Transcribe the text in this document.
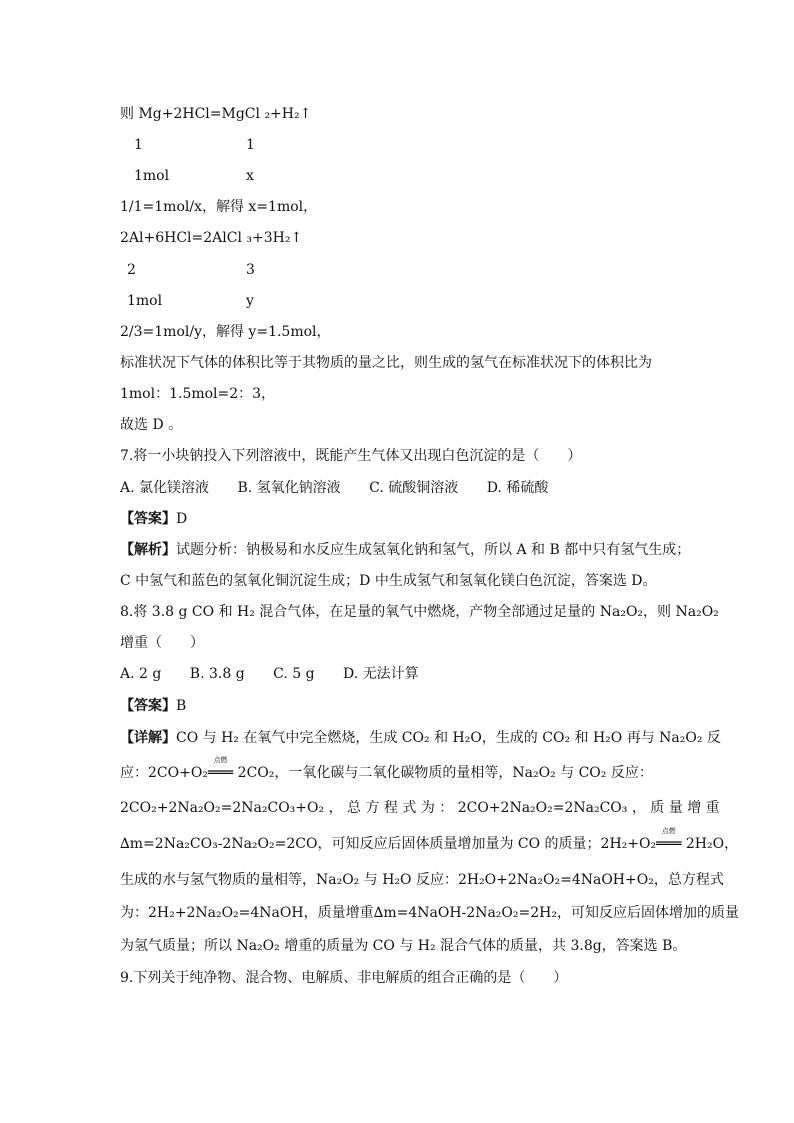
则 Mg+2HCl=MgCl ₂+H₂↑
1	1
1mol	x
1/1=1mol/x，解得 x=1mol，
2Al+6HCl=2AlCl ₃+3H₂↑
2	3
1mol	y
2/3=1mol/y，解得 y=1.5mol，
标准状况下气体的体积比等于其物质的量之比，则生成的氢气在标准状况下的体积比为
1mol：1.5mol=2：3，
故选 D 。
7.将一小块钠投入下列溶液中，既能产生气体又出现白色沉淀的是（　　）
A. 氯化镁溶液 B. 氢氧化钠溶液 C. 硫酸铜溶液 D. 稀硫酸
【答案】D
【解析】试题分析：钠极易和水反应生成氢氧化钠和氢气，所以 A 和 B 都中只有氢气生成；
C 中氢气和蓝色的氢氧化铜沉淀生成；D 中生成氢气和氢氧化镁白色沉淀，答案选 D。
8.将 3.8 g CO 和 H₂ 混合气体，在足量的氧气中燃烧，产物全部通过足量的 Na₂O₂，则 Na₂O₂
增重（　　）
A. 2 g B. 3.8 g C. 5 g D. 无法计算
【答案】B
【详解】CO 与 H₂ 在氧气中完全燃烧，生成 CO₂ 和 H₂O，生成的 CO₂ 和 H₂O 再与 Na₂O₂ 反
应：2CO+O₂
点燃
═══ 2CO₂，一氧化碳与二氧化碳物质的量相等，Na₂O₂ 与 CO₂ 反应：
2CO₂+2Na₂O₂=2Na₂CO₃+O₂ ， 总 方 程 式 为 ： 2CO+2Na₂O₂=2Na₂CO₃ ， 质 量 增 重
∆m=2Na₂CO₃-2Na₂O₂=2CO，可知反应后固体质量增加量为 CO 的质量；2H₂+O₂
点燃
═══ 2H₂O，
生成的水与氢气物质的量相等，Na₂O₂ 与 H₂O 反应：2H₂O+2Na₂O₂=4NaOH+O₂，总方程式
为：2H₂+2Na₂O₂=4NaOH，质量增重∆m=4NaOH-2Na₂O₂=2H₂，可知反应后固体增加的质量
为氢气质量；所以 Na₂O₂ 增重的质量为 CO 与 H₂ 混合气体的质量，共 3.8g，答案选 B。
9.下列关于纯净物、混合物、电解质、非电解质的组合正确的是（　　）
